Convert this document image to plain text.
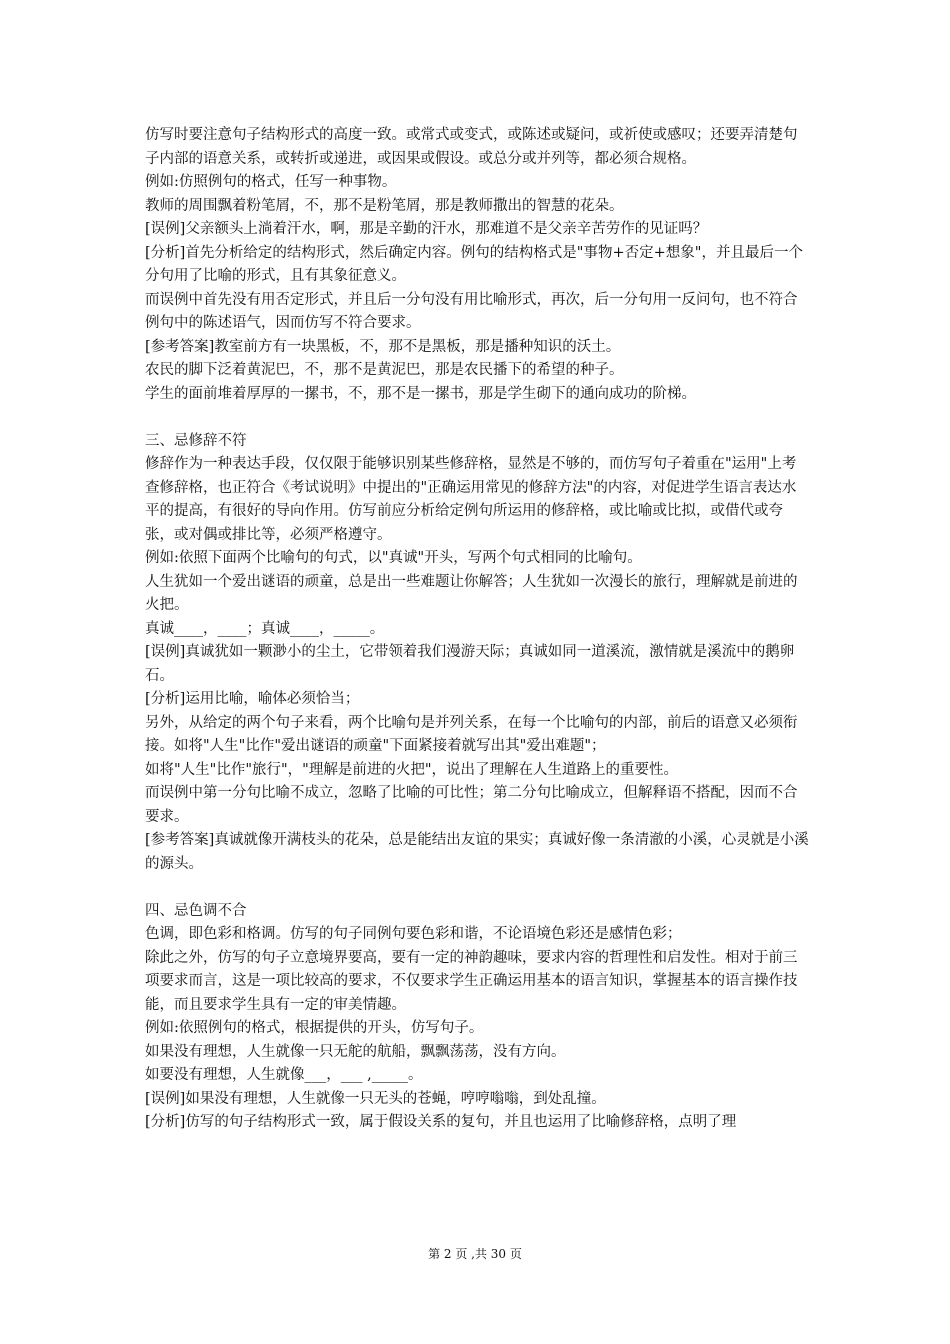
仿写时要注意句子结构形式的高度一致。或常式或变式，或陈述或疑问，或祈使或感叹；还要弄清楚句子内部的语意关系，或转折或递进，或因果或假设。或总分或并列等，都必须合规格。

例如:仿照例句的格式，任写一种事物。

教师的周围飘着粉笔屑，不，那不是粉笔屑，那是教师撒出的智慧的花朵。

[误例]父亲额头上淌着汗水，啊，那是辛勤的汗水，那难道不是父亲辛苦劳作的见证吗？

[分析]首先分析给定的结构形式，然后确定内容。例句的结构格式是"事物+否定+想象"，并且最后一个分句用了比喻的形式，且有其象征意义。

而误例中首先没有用否定形式，并且后一分句没有用比喻形式，再次，后一分句用一反问句，也不符合例句中的陈述语气，因而仿写不符合要求。

[参考答案]教室前方有一块黑板，不，那不是黑板，那是播种知识的沃土。

农民的脚下泛着黄泥巴，不，那不是黄泥巴，那是农民播下的希望的种子。

学生的面前堆着厚厚的一摞书，不，那不是一摞书，那是学生砌下的通向成功的阶梯。

三、忌修辞不符

修辞作为一种表达手段，仅仅限于能够识别某些修辞格，显然是不够的，而仿写句子着重在"运用"上考查修辞格，也正符合《考试说明》中提出的"正确运用常见的修辞方法"的内容，对促进学生语言表达水平的提高，有很好的导向作用。仿写前应分析给定例句所运用的修辞格，或比喻或比拟，或借代或夸张，或对偶或排比等，必须严格遵守。

例如:依照下面两个比喻句的句式，以"真诚"开头，写两个句式相同的比喻句。

人生犹如一个爱出谜语的顽童，总是出一些难题让你解答；人生犹如一次漫长的旅行，理解就是前进的火把。

真诚____，____；真诚____，_____。

[误例]真诚犹如一颗渺小的尘土，它带领着我们漫游天际；真诚如同一道溪流，激情就是溪流中的鹅卵石。

[分析]运用比喻，喻体必须恰当；

另外，从给定的两个句子来看，两个比喻句是并列关系，在每一个比喻句的内部，前后的语意又必须衔接。如将"人生"比作"爱出谜语的顽童"下面紧接着就写出其"爱出难题"；

如将"人生"比作"旅行"，"理解是前进的火把"，说出了理解在人生道路上的重要性。

而误例中第一分句比喻不成立，忽略了比喻的可比性；第二分句比喻成立，但解释语不搭配，因而不合要求。

[参考答案]真诚就像开满枝头的花朵，总是能结出友谊的果实；真诚好像一条清澈的小溪，心灵就是小溪的源头。

四、忌色调不合

色调，即色彩和格调。仿写的句子同例句要色彩和谐，不论语境色彩还是感情色彩；

除此之外，仿写的句子立意境界要高，要有一定的神韵趣味，要求内容的哲理性和启发性。相对于前三项要求而言，这是一项比较高的要求，不仅要求学生正确运用基本的语言知识，掌握基本的语言操作技能，而且要求学生具有一定的审美情趣。

例如:依照例句的格式，根据提供的开头，仿写句子。

如果没有理想，人生就像一只无舵的航船，飘飘荡荡，没有方向。

如要没有理想，人生就像___，___ ,_____。

[误例]如果没有理想，人生就像一只无头的苍蝇，哼哼嗡嗡，到处乱撞。

[分析]仿写的句子结构形式一致，属于假设关系的复句，并且也运用了比喻修辞格，点明了理

第 2 页 ,共 30 页
